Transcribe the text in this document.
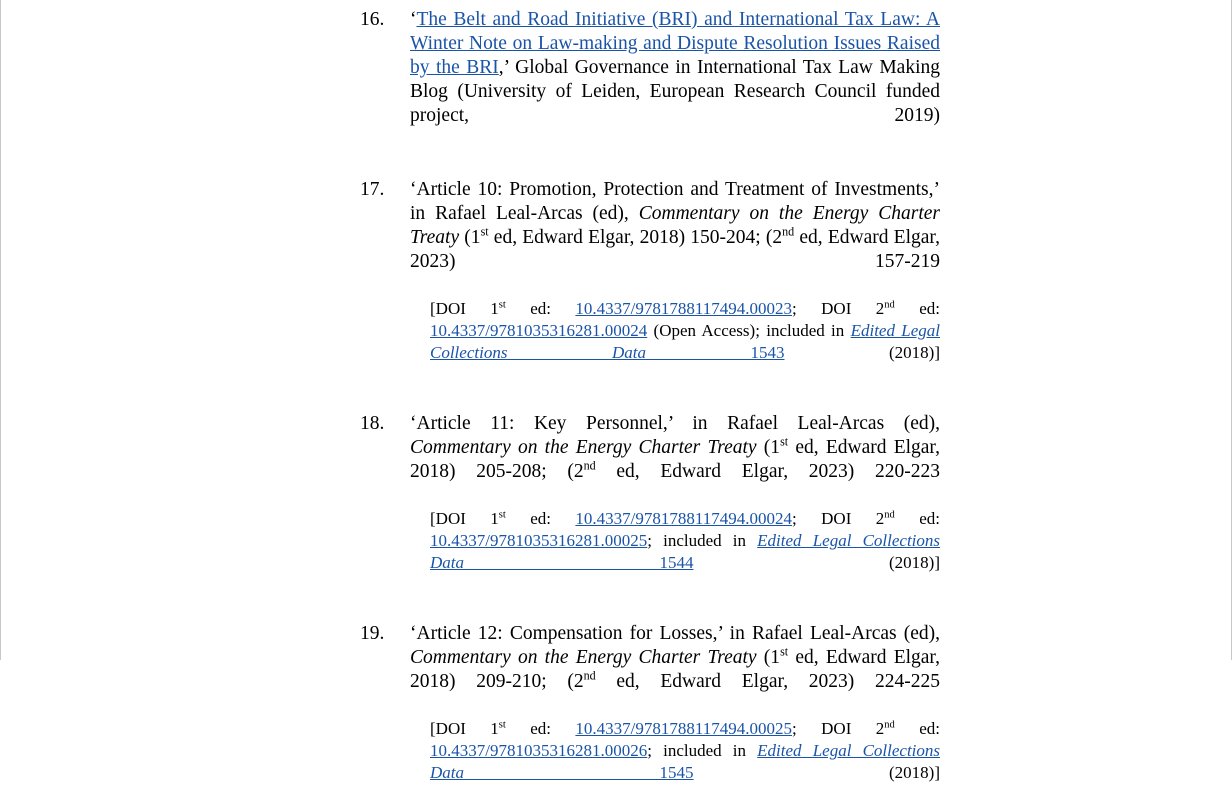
16.	‘The Belt and Road Initiative (BRI) and International Tax Law: A Winter Note on Law-making and Dispute Resolution Issues Raised by the BRI,’ Global Governance in International Tax Law Making Blog (University of Leiden, European Research Council funded project, 2019)

17.	‘Article 10: Promotion, Protection and Treatment of Investments,’ in Rafael Leal-Arcas (ed), Commentary on the Energy Charter Treaty (1st ed, Edward Elgar, 2018) 150-204; (2nd ed, Edward Elgar, 2023) 157-219

[DOI 1st ed: 10.4337/9781788117494.00023; DOI 2nd ed: 10.4337/9781035316281.00024 (Open Access); included in Edited Legal Collections Data 1543 (2018)]

18.	‘Article 11: Key Personnel,’ in Rafael Leal-Arcas (ed), Commentary on the Energy Charter Treaty (1st ed, Edward Elgar, 2018) 205-208; (2nd ed, Edward Elgar, 2023) 220-223

[DOI 1st ed: 10.4337/9781788117494.00024; DOI 2nd ed: 10.4337/9781035316281.00025; included in Edited Legal Collections Data 1544 (2018)]

19.	‘Article 12: Compensation for Losses,’ in Rafael Leal-Arcas (ed), Commentary on the Energy Charter Treaty (1st ed, Edward Elgar, 2018) 209-210; (2nd ed, Edward Elgar, 2023) 224-225

[DOI 1st ed: 10.4337/9781788117494.00025; DOI 2nd ed: 10.4337/9781035316281.00026; included in Edited Legal Collections Data 1545 (2018)]
